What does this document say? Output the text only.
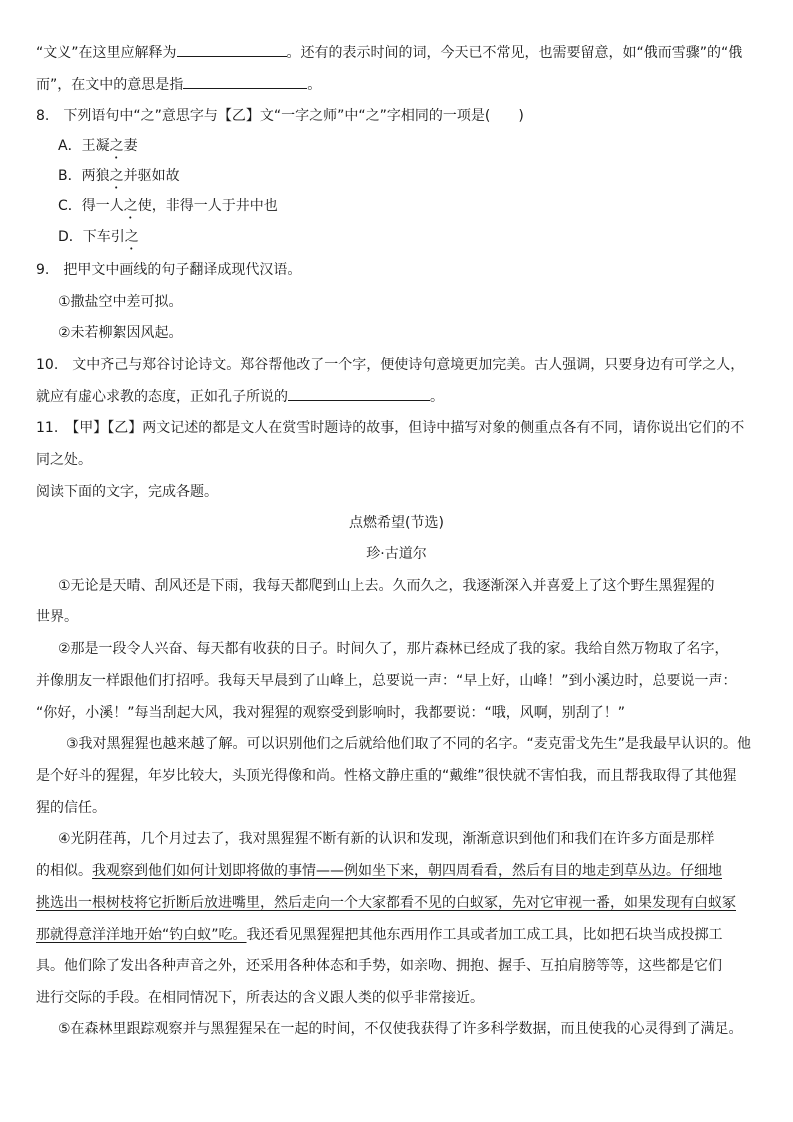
“文义”在这里应解释为	。还有的表示时间的词，今天已不常见，也需要留意，如“俄而雪骤”的“俄
而”，在文中的意思是指	。
8.　下列语句中“之”意思字与【乙】文“一字之师”中“之”字相同的一项是(　　)
A．王凝之妻
B．两狼之并驱如故
C．得一人之使，非得一人于井中也
D．下车引之
9.　把甲文中画线的句子翻译成现代汉语。
①撒盐空中差可拟。
②未若柳絮因风起。
10.　文中齐己与郑谷讨论诗文。郑谷帮他改了一个字，便使诗句意境更加完美。古人强调，只要身边有可学之人，
就应有虚心求教的态度，正如孔子所说的	。
11.　【甲】【乙】两文记述的都是文人在赏雪时题诗的故事，但诗中描写对象的侧重点各有不同，请你说出它们的不
同之处。
阅读下面的文字，完成各题。
点燃希望(节选)
珍·古道尔
①无论是天晴、刮风还是下雨，我每天都爬到山上去。久而久之，我逐渐深入并喜爱上了这个野生黑猩猩的
世界。
②那是一段令人兴奋、每天都有收获的日子。时间久了，那片森林已经成了我的家。我给自然万物取了名字，
并像朋友一样跟他们打招呼。我每天早晨到了山峰上，总要说一声：“早上好，山峰！”到小溪边时，总要说一声：
“你好，小溪！”每当刮起大风，我对猩猩的观察受到影响时，我都要说：“哦，风啊，别刮了！”
③我对黑猩猩也越来越了解。可以识别他们之后就给他们取了不同的名字。“麦克雷戈先生”是我最早认识的。他
是个好斗的猩猩，年岁比较大，头顶光得像和尚。性格文静庄重的“戴维”很快就不害怕我，而且帮我取得了其他猩
猩的信任。
④光阴荏苒，几个月过去了，我对黑猩猩不断有新的认识和发现，渐渐意识到他们和我们在许多方面是那样
的相似。我观察到他们如何计划即将做的事情——例如坐下来，朝四周看看，然后有目的地走到草丛边。仔细地
挑选出一根树枝将它折断后放进嘴里，然后走向一个大家都看不见的白蚁冢，先对它审视一番，如果发现有白蚁冢
那就得意洋洋地开始“钓白蚁”吃。我还看见黑猩猩把其他东西用作工具或者加工成工具，比如把石块当成投掷工
具。他们除了发出各种声音之外，还采用各种体态和手势，如亲吻、拥抱、握手、互拍肩膀等等，这些都是它们
进行交际的手段。在相同情况下，所表达的含义跟人类的似乎非常接近。
⑤在森林里跟踪观察并与黑猩猩呆在一起的时间，不仅使我获得了许多科学数据，而且使我的心灵得到了满足。
